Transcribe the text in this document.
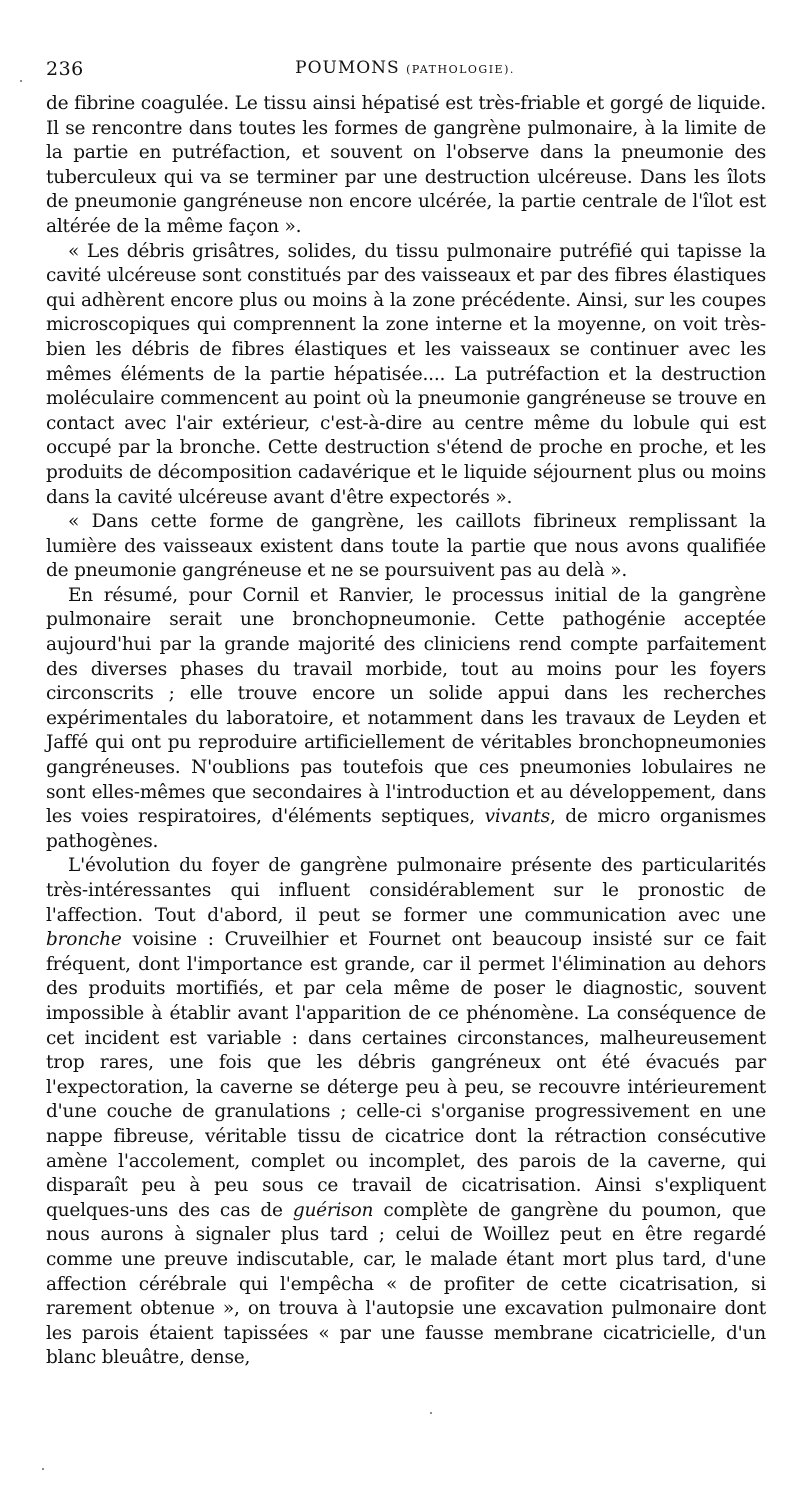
236	POUMONS (PATHOLOGIE).

de fibrine coagulée. Le tissu ainsi hépatisé est très-friable et gorgé de liquide. Il se rencontre dans toutes les formes de gangrène pulmonaire, à la limite de la partie en putréfaction, et souvent on l'observe dans la pneumonie des tuberculeux qui va se terminer par une destruction ulcéreuse. Dans les îlots de pneumonie gangréneuse non encore ulcérée, la partie centrale de l'îlot est altérée de la même façon ».

« Les débris grisâtres, solides, du tissu pulmonaire putréfié qui tapisse la cavité ulcéreuse sont constitués par des vaisseaux et par des fibres élastiques qui adhèrent encore plus ou moins à la zone précédente. Ainsi, sur les coupes microscopiques qui comprennent la zone interne et la moyenne, on voit très-bien les débris de fibres élastiques et les vaisseaux se continuer avec les mêmes éléments de la partie hépatisée.... La putréfaction et la destruction moléculaire commencent au point où la pneumonie gangréneuse se trouve en contact avec l'air extérieur, c'est-à-dire au centre même du lobule qui est occupé par la bronche. Cette destruction s'étend de proche en proche, et les produits de décomposition cadavérique et le liquide séjournent plus ou moins dans la cavité ulcéreuse avant d'être expectorés ».

« Dans cette forme de gangrène, les caillots fibrineux remplissant la lumière des vaisseaux existent dans toute la partie que nous avons qualifiée de pneumonie gangréneuse et ne se poursuivent pas au delà ».

En résumé, pour Cornil et Ranvier, le processus initial de la gangrène pulmonaire serait une bronchopneumonie. Cette pathogénie acceptée aujourd'hui par la grande majorité des cliniciens rend compte parfaitement des diverses phases du travail morbide, tout au moins pour les foyers circonscrits ; elle trouve encore un solide appui dans les recherches expérimentales du laboratoire, et notamment dans les travaux de Leyden et Jaffé qui ont pu reproduire artificiellement de véritables bronchopneumonies gangréneuses. N'oublions pas toutefois que ces pneumonies lobulaires ne sont elles-mêmes que secondaires à l'introduction et au développement, dans les voies respiratoires, d'éléments septiques, vivants, de micro organismes pathogènes.

L'évolution du foyer de gangrène pulmonaire présente des particularités très-intéressantes qui influent considérablement sur le pronostic de l'affection. Tout d'abord, il peut se former une communication avec une bronche voisine : Cruveilhier et Fournet ont beaucoup insisté sur ce fait fréquent, dont l'importance est grande, car il permet l'élimination au dehors des produits mortifiés, et par cela même de poser le diagnostic, souvent impossible à établir avant l'apparition de ce phénomène. La conséquence de cet incident est variable : dans certaines circonstances, malheureusement trop rares, une fois que les débris gangréneux ont été évacués par l'expectoration, la caverne se déterge peu à peu, se recouvre intérieurement d'une couche de granulations ; celle-ci s'organise progressivement en une nappe fibreuse, véritable tissu de cicatrice dont la rétraction consécutive amène l'accolement, complet ou incomplet, des parois de la caverne, qui disparaît peu à peu sous ce travail de cicatrisation. Ainsi s'expliquent quelques-uns des cas de guérison complète de gangrène du poumon, que nous aurons à signaler plus tard ; celui de Woillez peut en être regardé comme une preuve indiscutable, car, le malade étant mort plus tard, d'une affection cérébrale qui l'empêcha « de profiter de cette cicatrisation, si rarement obtenue », on trouva à l'autopsie une excavation pulmonaire dont les parois étaient tapissées « par une fausse membrane cicatricielle, d'un blanc bleuâtre, dense,
